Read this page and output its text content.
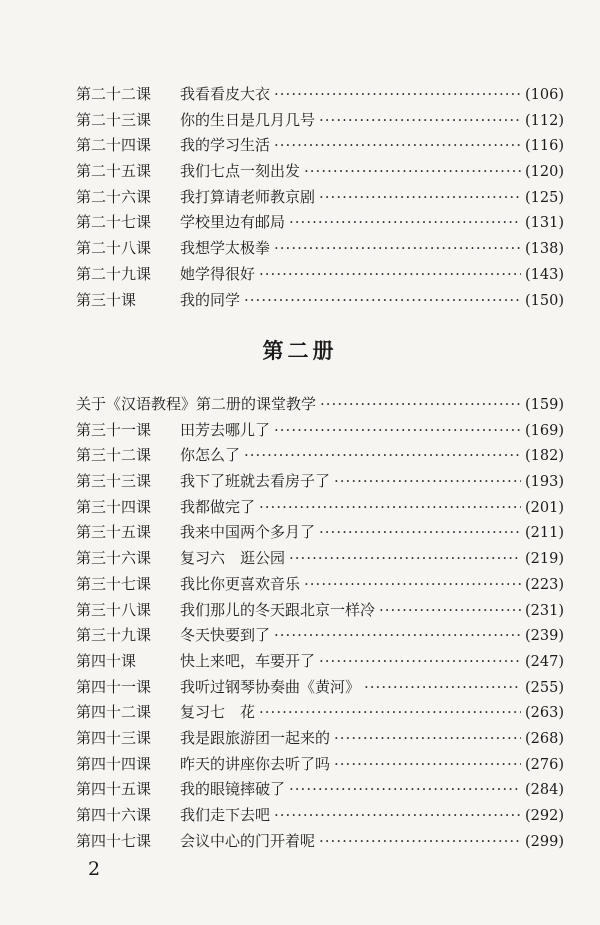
第二十二课	我看看皮大衣 ·····	(106)
第二十三课	你的生日是几月几号 ·····	(112)
第二十四课	我的学习生活 ·····	(116)
第二十五课	我们七点一刻出发 ·····	(120)
第二十六课	我打算请老师教京剧 ·····	(125)
第二十七课	学校里边有邮局 ·····	(131)
第二十八课	我想学太极拳 ·····	(138)
第二十九课	她学得很好 ·····	(143)
第三十课	我的同学 ·····	(150)
第二册
关于《汉语教程》第二册的课堂教学 ·····	(159)
第三十一课	田芳去哪儿了 ·····	(169)
第三十二课	你怎么了 ·····	(182)
第三十三课	我下了班就去看房子了 ·····	(193)
第三十四课	我都做完了 ·····	(201)
第三十五课	我来中国两个多月了 ·····	(211)
第三十六课	复习六　逛公园 ·····	(219)
第三十七课	我比你更喜欢音乐 ·····	(223)
第三十八课	我们那儿的冬天跟北京一样冷 ·····	(231)
第三十九课	冬天快要到了 ·····	(239)
第四十课	快上来吧，车要开了 ·····	(247)
第四十一课	我听过钢琴协奏曲《黄河》 ·····	(255)
第四十二课	复习七　花 ·····	(263)
第四十三课	我是跟旅游团一起来的 ·····	(268)
第四十四课	昨天的讲座你去听了吗 ·····	(276)
第四十五课	我的眼镜摔破了 ·····	(284)
第四十六课	我们走下去吧 ·····	(292)
第四十七课	会议中心的门开着呢 ·····	(299)
2
